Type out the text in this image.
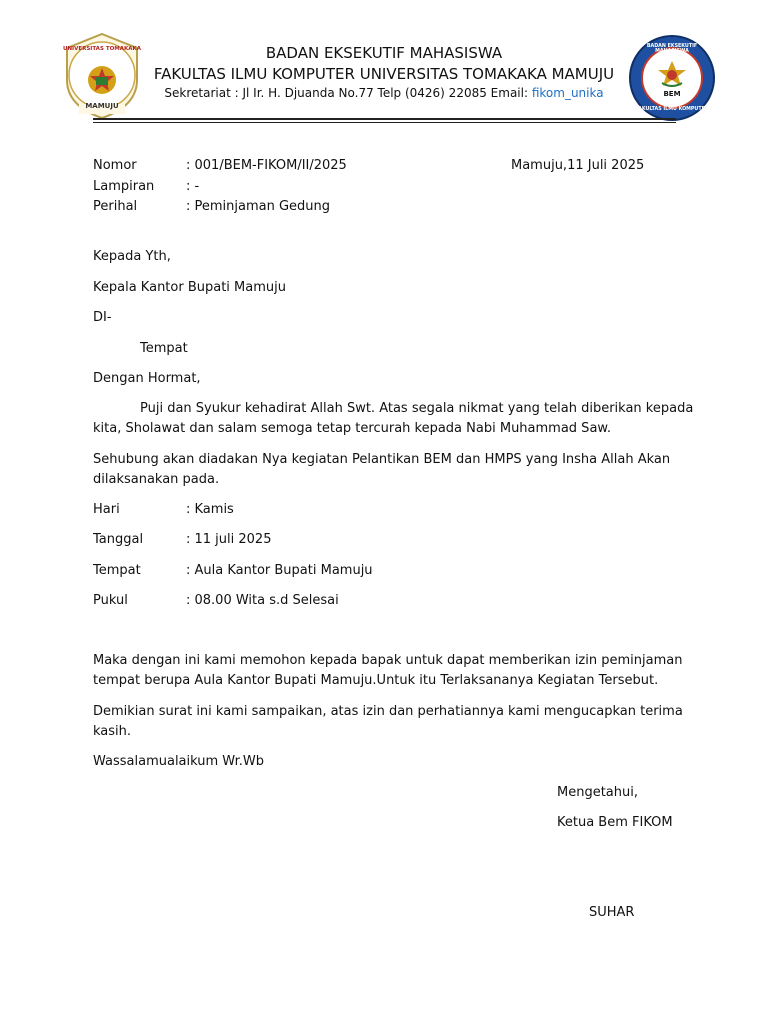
MAMUJU
UNIVERSITAS TOMAKAKA	BADAN EKSEKUTIF MAHASISWA
BEM
FAKULTAS ILMU KOMPUTER
BADAN EKSEKUTIF MAHASISWA
FAKULTAS ILMU KOMPUTER UNIVERSITAS TOMAKAKA MAMUJU
Sekretariat : Jl Ir. H. Djuanda No.77 Telp (0426) 22085 Email: fikom_unika
Nomor	: 001/BEM-FIKOM/II/2025	Mamuju,11 Juli 2025
Lampiran : -
Perihal	: Peminjaman Gedung
Kepada Yth,
Kepala Kantor Bupati Mamuju
DI-
Tempat
Dengan Hormat,
Puji dan Syukur kehadirat Allah Swt. Atas segala nikmat yang telah diberikan kepada
kita, Sholawat dan salam semoga tetap tercurah kepada Nabi Muhammad Saw.
Sehubung akan diadakan Nya kegiatan Pelantikan BEM dan HMPS yang Insha Allah Akan
dilaksanakan pada.
Hari	: Kamis
Tanggal	: 11 juli 2025
Tempat	: Aula Kantor Bupati Mamuju
Pukul	: 08.00 Wita s.d Selesai
Maka dengan ini kami memohon kepada bapak untuk dapat memberikan izin peminjaman
tempat berupa Aula Kantor Bupati Mamuju.Untuk itu Terlaksananya Kegiatan Tersebut.
Demikian surat ini kami sampaikan, atas izin dan perhatiannya kami mengucapkan terima
kasih.
Wassalamualaikum Wr.Wb
Mengetahui,
Ketua Bem FIKOM
SUHAR
